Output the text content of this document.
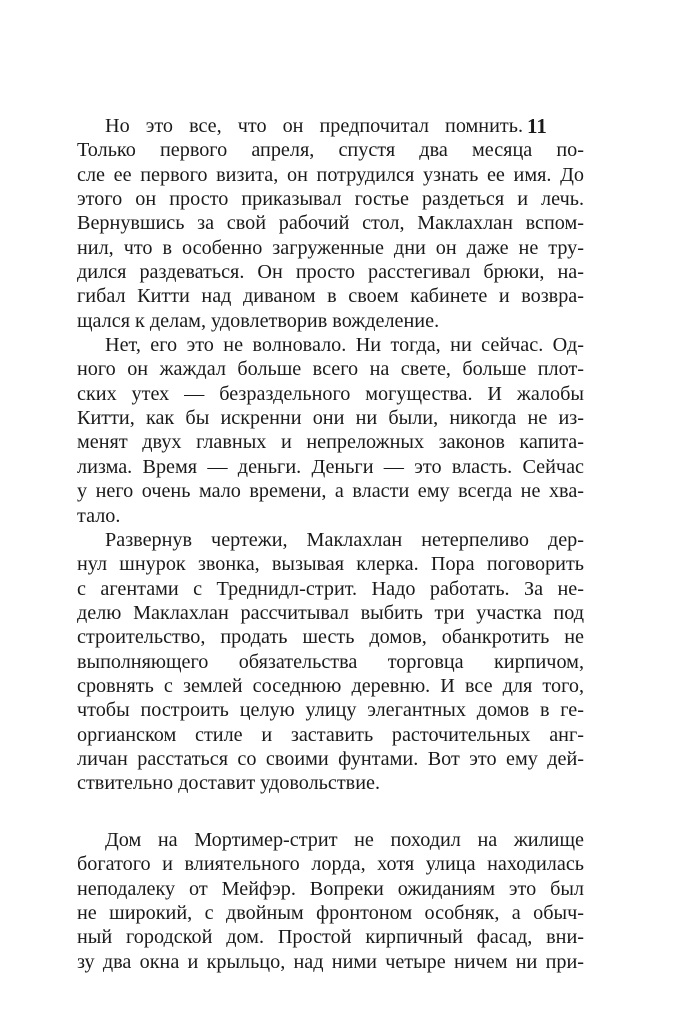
11
Но это все, что он предпочитал помнить.
Только первого апреля, спустя два месяца по-
сле ее первого визита, он потрудился узнать ее имя. До
этого он просто приказывал гостье раздеться и лечь.
Вернувшись за свой рабочий стол, Маклахлан вспом-
нил, что в особенно загруженные дни он даже не тру-
дился раздеваться. Он просто расстегивал брюки, на-
гибал Китти над диваном в своем кабинете и возвра-
щался к делам, удовлетворив вожделение.
Нет, его это не волновало. Ни тогда, ни сейчас. Од-
ного он жаждал больше всего на свете, больше плот-
ских утех — безраздельного могущества. И жалобы
Китти, как бы искренни они ни были, никогда не из-
менят двух главных и непреложных законов капита-
лизма. Время — деньги. Деньги — это власть. Сейчас
у него очень мало времени, а власти ему всегда не хва-
тало.
Развернув чертежи, Маклахлан нетерпеливо дер-
нул шнурок звонка, вызывая клерка. Пора поговорить
с агентами с Треднидл-стрит. Надо работать. За не-
делю Маклахлан рассчитывал выбить три участка под
строительство, продать шесть домов, обанкротить не
выполняющего обязательства торговца кирпичом,
сровнять с землей соседнюю деревню. И все для того,
чтобы построить целую улицу элегантных домов в ге-
оргианском стиле и заставить расточительных анг-
личан расстаться со своими фунтами. Вот это ему дей-
ствительно доставит удовольствие.
Дом на Мортимер-стрит не походил на жилище
богатого и влиятельного лорда, хотя улица находилась
неподалеку от Мейфэр. Вопреки ожиданиям это был
не широкий, с двойным фронтоном особняк, а обыч-
ный городской дом. Простой кирпичный фасад, вни-
зу два окна и крыльцо, над ними четыре ничем ни при-
